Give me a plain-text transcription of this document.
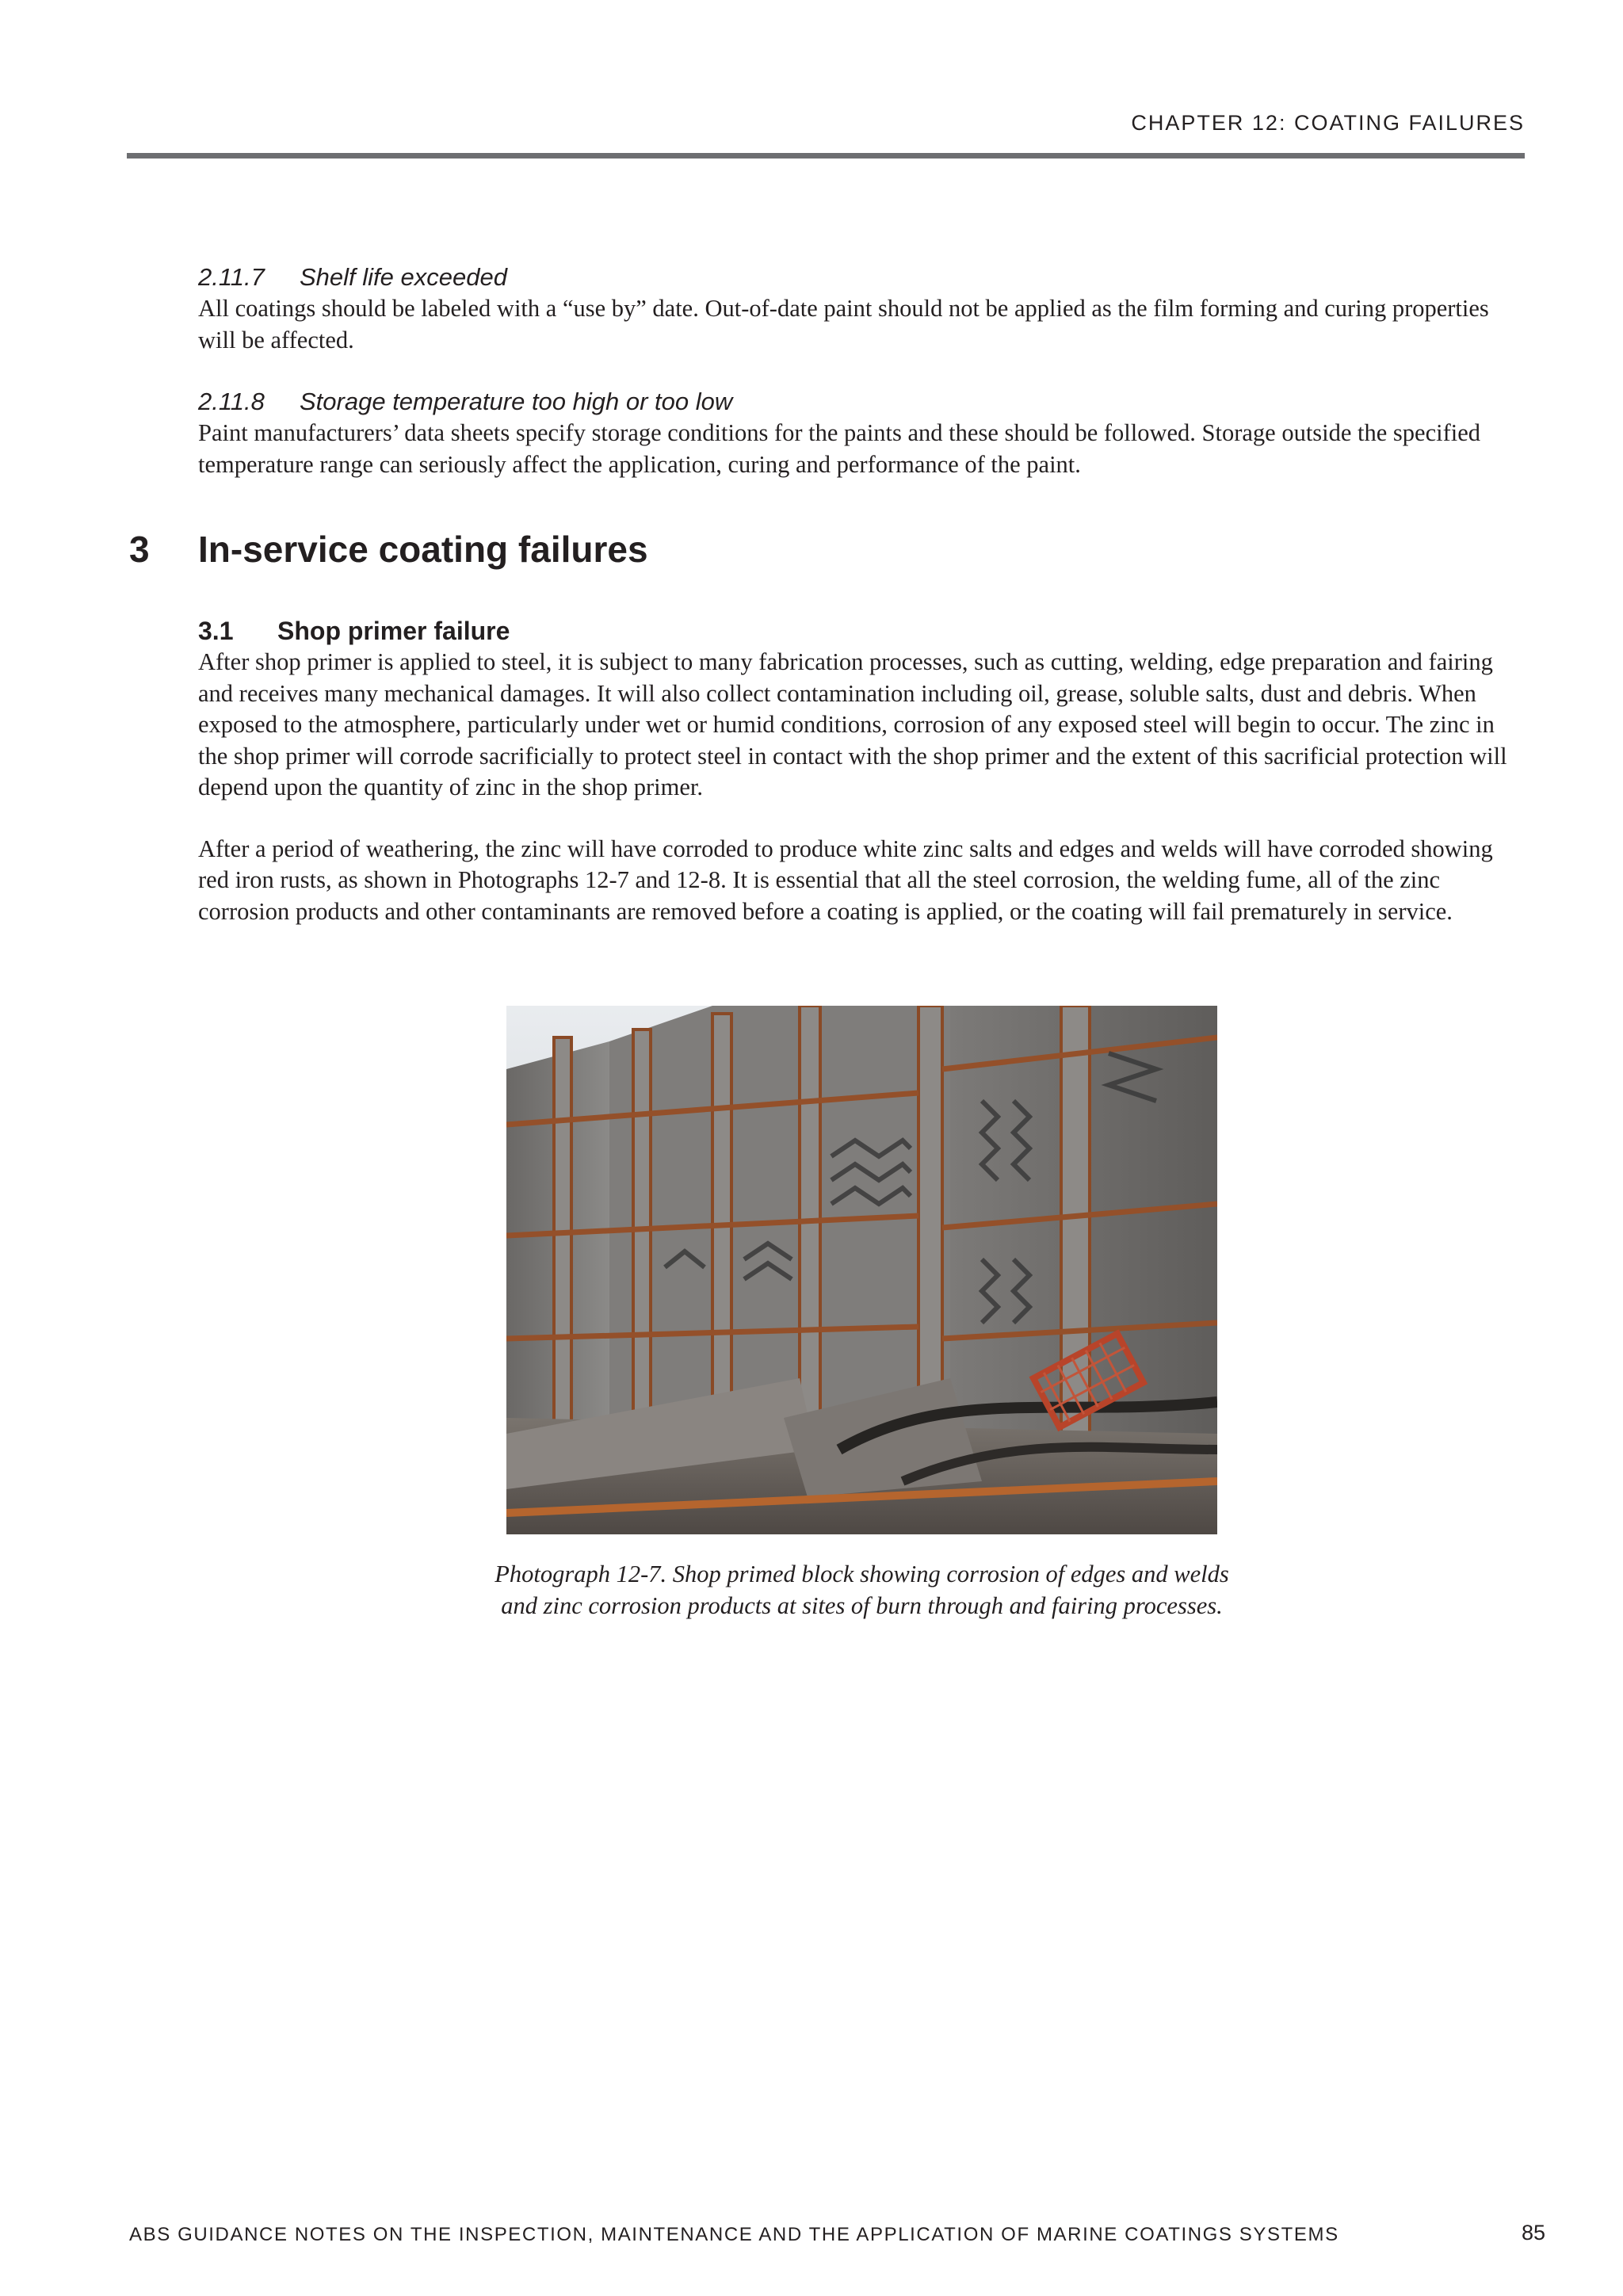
CHAPTER 12: COATING FAILURES
2.11.7 Shelf life exceeded

All coatings should be labeled with a “use by” date. Out-of-date paint should not be applied as the film forming and curing properties will be affected.

2.11.8 Storage temperature too high or too low

Paint manufacturers’ data sheets specify storage conditions for the paints and these should be followed. Storage outside the specified temperature range can seriously affect the application, curing and performance of the paint.

3 In-service coating failures
3.1 Shop primer failure

After shop primer is applied to steel, it is subject to many fabrication processes, such as cutting, welding, edge preparation and fairing and receives many mechanical damages. It will also collect contamination including oil, grease, soluble salts, dust and debris. When exposed to the atmosphere, particularly under wet or humid conditions, corrosion of any exposed steel will begin to occur. The zinc in the shop primer will corrode sacrificially to protect steel in contact with the shop primer and the extent of this sacrificial protection will depend upon the quantity of zinc in the shop primer.

After a period of weathering, the zinc will have corroded to produce white zinc salts and edges and welds will have corroded showing red iron rusts, as shown in Photographs 12-7 and 12-8. It is essential that all the steel corrosion, the welding fume, all of the zinc corrosion products and other contaminants are removed before a coating is applied, or the coating will fail prematurely in service.

Photograph 12-7. Shop primed block showing corrosion of edges and welds
and zinc corrosion products at sites of burn through and fairing processes.
ABS GUIDANCE NOTES ON THE INSPECTION, MAINTENANCE AND THE APPLICATION OF MARINE COATINGS SYSTEMS	85
